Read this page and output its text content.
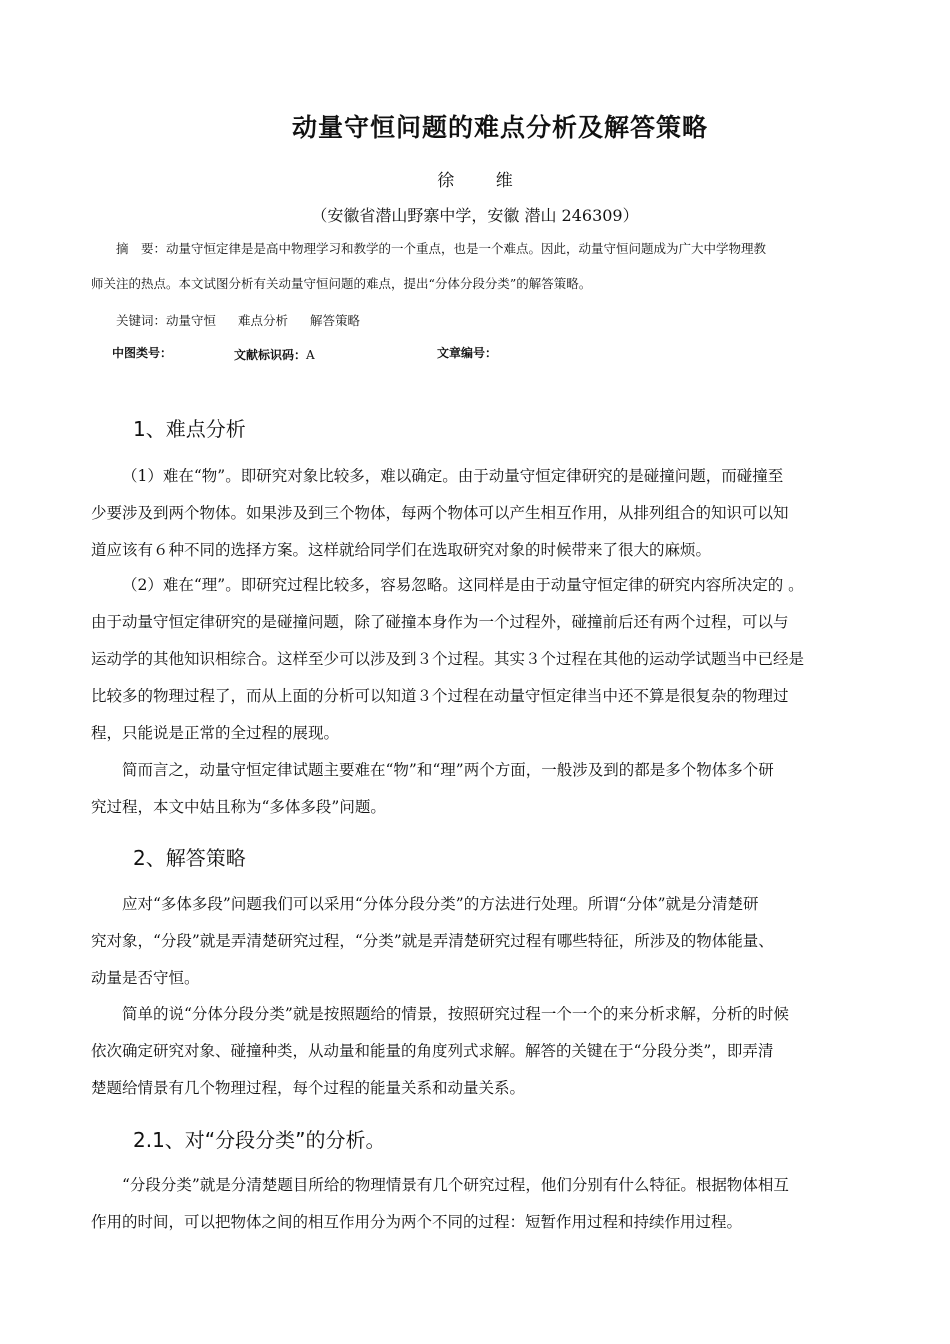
动量守恒问题的难点分析及解答策略
徐 维
（安徽省潜山野寨中学，安徽 潜山 246309）
摘　要：动量守恒定律是是高中物理学习和教学的一个重点，也是一个难点。因此，动量守恒问题成为广大中学物理教
师关注的热点。本文试图分析有关动量守恒问题的难点，提出“分体分段分类”的解答策略。
关键词：动量守恒 难点分析 解答策略
中图类号：	文献标识码：A	文章编号：
1、难点分析
（1）难在“物”。即研究对象比较多，难以确定。由于动量守恒定律研究的是碰撞问题，而碰撞至
少要涉及到两个物体。如果涉及到三个物体，每两个物体可以产生相互作用，从排列组合的知识可以知
道应该有６种不同的选择方案。这样就给同学们在选取研究对象的时候带来了很大的麻烦。
（2）难在“理”。即研究过程比较多，容易忽略。这同样是由于动量守恒定律的研究内容所决定的 。
由于动量守恒定律研究的是碰撞问题，除了碰撞本身作为一个过程外，碰撞前后还有两个过程，可以与
运动学的其他知识相综合。这样至少可以涉及到３个过程。其实３个过程在其他的运动学试题当中已经是
比较多的物理过程了，而从上面的分析可以知道３个过程在动量守恒定律当中还不算是很复杂的物理过
程，只能说是正常的全过程的展现。
简而言之，动量守恒定律试题主要难在“物”和“理”两个方面，一般涉及到的都是多个物体多个研
究过程，本文中姑且称为“多体多段”问题。
2、解答策略
应对“多体多段”问题我们可以采用“分体分段分类”的方法进行处理。所谓“分体”就是分清楚研
究对象，“分段”就是弄清楚研究过程，“分类”就是弄清楚研究过程有哪些特征，所涉及的物体能量、
动量是否守恒。
简单的说“分体分段分类”就是按照题给的情景，按照研究过程一个一个的来分析求解，分析的时候
依次确定研究对象、碰撞种类，从动量和能量的角度列式求解。解答的关键在于“分段分类”，即弄清
楚题给情景有几个物理过程，每个过程的能量关系和动量关系。
2.1、对“分段分类”的分析。
“分段分类”就是分清楚题目所给的物理情景有几个研究过程，他们分别有什么特征。根据物体相互
作用的时间，可以把物体之间的相互作用分为两个不同的过程：短暂作用过程和持续作用过程。
